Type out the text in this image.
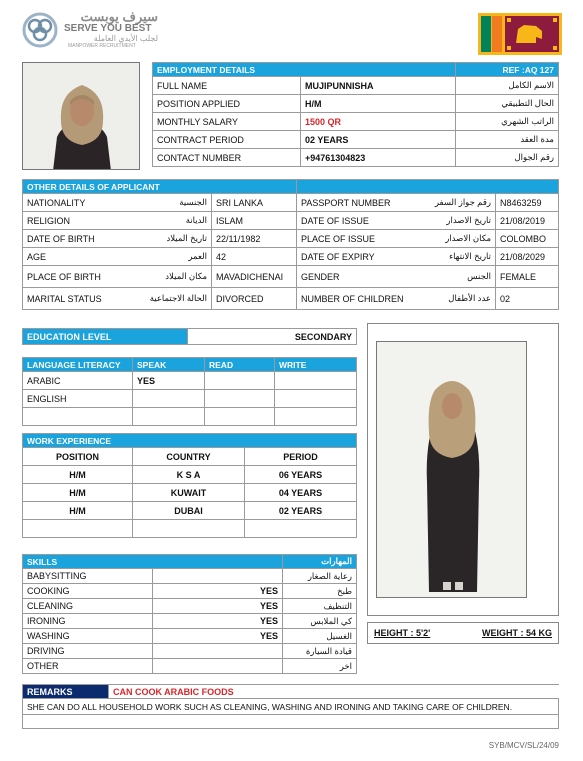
سيرف يوبست
SERVE YOU BEST
لجلب الأيدي العاملة
MANPOWER RECRUITMENT
EMPLOYMENT DETAILS		REF :AQ 127
FULL NAME	MUJIPUNNISHA	الاسم الكامل
POSITION APPLIED	H/M	الحال التطبيقي
MONTHLY SALARY	1500 QR	الراتب الشهري
CONTRACT PERIOD	02 YEARS	مدة العقد
CONTACT NUMBER	+94761304823	رقم الجوال
OTHER DETAILS OF APPLICANT					
NATIONALITY	الجنسية	SRI LANKA	PASSPORT NUMBER	رقم جواز السفر	N8463259
RELIGION	الديانة	ISLAM	DATE OF ISSUE	تاريخ الاصدار	21/08/2019
DATE OF BIRTH	تاريخ الميلاد	22/11/1982	PLACE OF ISSUE	مكان الاصدار	COLOMBO
AGE	العمر	42	DATE OF EXPIRY	تاريخ الانتهاء	21/08/2029
PLACE OF BIRTH	مكان الميلاد	MAVADICHENAI	GENDER	الجنس	FEMALE
MARITAL STATUS	الحالة الاجتماعية	DIVORCED	NUMBER OF CHILDREN	عدد الأطفال	02
EDUCATION LEVEL	SECONDARY
LANGUAGE LITERACY	SPEAK	READ	WRITE
ARABIC	YES		
ENGLISH			

WORK EXPERIENCE		
POSITION	COUNTRY	PERIOD
H/M	K S A	06 YEARS
H/M	KUWAIT	04 YEARS
H/M	DUBAI	02 YEARS

SKILLS		المهارات
BABYSITTING		رعاية الصغار
COOKING	YES	طبخ
CLEANING	YES	التنظيف
IRONING	YES	كي الملابس
WASHING	YES	الغسيل
DRIVING		قيادة السيارة
OTHER		اخر
HEIGHT : 5'2'	WEIGHT : 54 KG
REMARKS	CAN COOK ARABIC FOODS
SHE CAN DO ALL HOUSEHOLD WORK SUCH AS CLEANING, WASHING AND IRONING AND TAKING CARE OF CHILDREN.

SYB/MCV/SL/24/09
